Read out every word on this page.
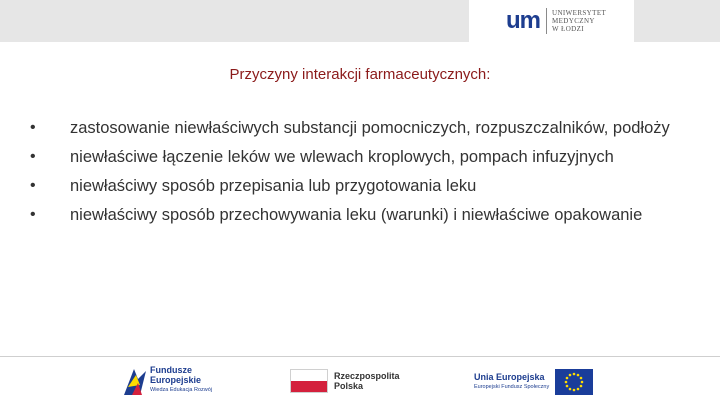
um UNIWERSYTET
MEDYCZNY
W ŁODZI
Przyczyny interakcji farmaceutycznych:
• zastosowanie niewłaściwych substancji pomocniczych, rozpuszczalników, podłoży
• niewłaściwe łączenie leków we wlewach kroplowych, pompach infuzyjnych
• niewłaściwy sposób przepisania lub przygotowania leku
• niewłaściwy sposób przechowywania leku (warunki) i niewłaściwe opakowanie
Fundusze
Europejskie
Wiedza Edukacja Rozwój
Rzeczpospolita
Polska
Unia Europejska
Europejski Fundusz Społeczny
